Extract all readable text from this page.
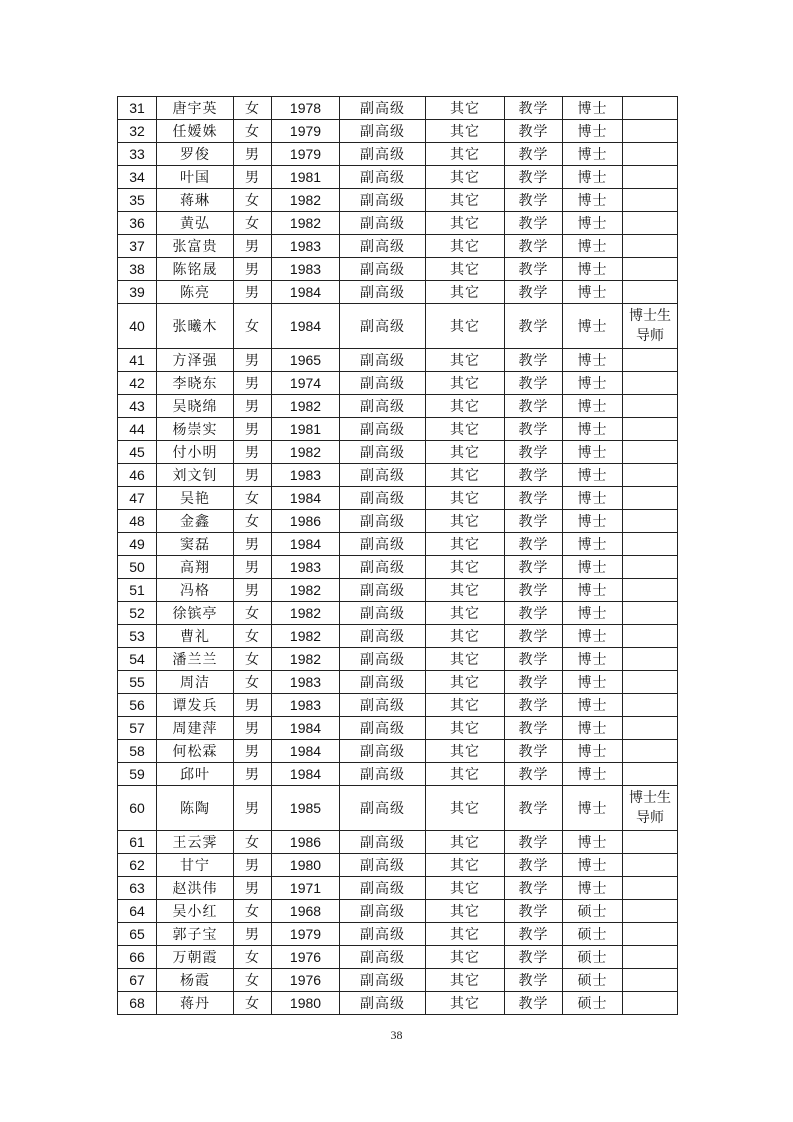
31	唐宇英	女	1978	副高级	其它	教学	博士	
32	任嫒姝	女	1979	副高级	其它	教学	博士	
33	罗俊	男	1979	副高级	其它	教学	博士	
34	叶国	男	1981	副高级	其它	教学	博士	
35	蒋琳	女	1982	副高级	其它	教学	博士	
36	黄弘	女	1982	副高级	其它	教学	博士	
37	张富贵	男	1983	副高级	其它	教学	博士	
38	陈铭晟	男	1983	副高级	其它	教学	博士	
39	陈亮	男	1984	副高级	其它	教学	博士	
40	张曦木	女	1984	副高级	其它	教学	博士	博士生
导师
41	方泽强	男	1965	副高级	其它	教学	博士	
42	李晓东	男	1974	副高级	其它	教学	博士	
43	吴晓绵	男	1982	副高级	其它	教学	博士	
44	杨崇实	男	1981	副高级	其它	教学	博士	
45	付小明	男	1982	副高级	其它	教学	博士	
46	刘文钊	男	1983	副高级	其它	教学	博士	
47	吴艳	女	1984	副高级	其它	教学	博士	
48	金鑫	女	1986	副高级	其它	教学	博士	
49	窦磊	男	1984	副高级	其它	教学	博士	
50	高翔	男	1983	副高级	其它	教学	博士	
51	冯格	男	1982	副高级	其它	教学	博士	
52	徐镔亭	女	1982	副高级	其它	教学	博士	
53	曹礼	女	1982	副高级	其它	教学	博士	
54	潘兰兰	女	1982	副高级	其它	教学	博士	
55	周洁	女	1983	副高级	其它	教学	博士	
56	谭发兵	男	1983	副高级	其它	教学	博士	
57	周建萍	男	1984	副高级	其它	教学	博士	
58	何松霖	男	1984	副高级	其它	教学	博士	
59	邱叶	男	1984	副高级	其它	教学	博士	
60	陈陶	男	1985	副高级	其它	教学	博士	博士生
导师
61	王云霁	女	1986	副高级	其它	教学	博士	
62	甘宁	男	1980	副高级	其它	教学	博士	
63	赵洪伟	男	1971	副高级	其它	教学	博士	
64	吴小红	女	1968	副高级	其它	教学	硕士	
65	郭子宝	男	1979	副高级	其它	教学	硕士	
66	万朝霞	女	1976	副高级	其它	教学	硕士	
67	杨霞	女	1976	副高级	其它	教学	硕士	
68	蒋丹	女	1980	副高级	其它	教学	硕士	
38
